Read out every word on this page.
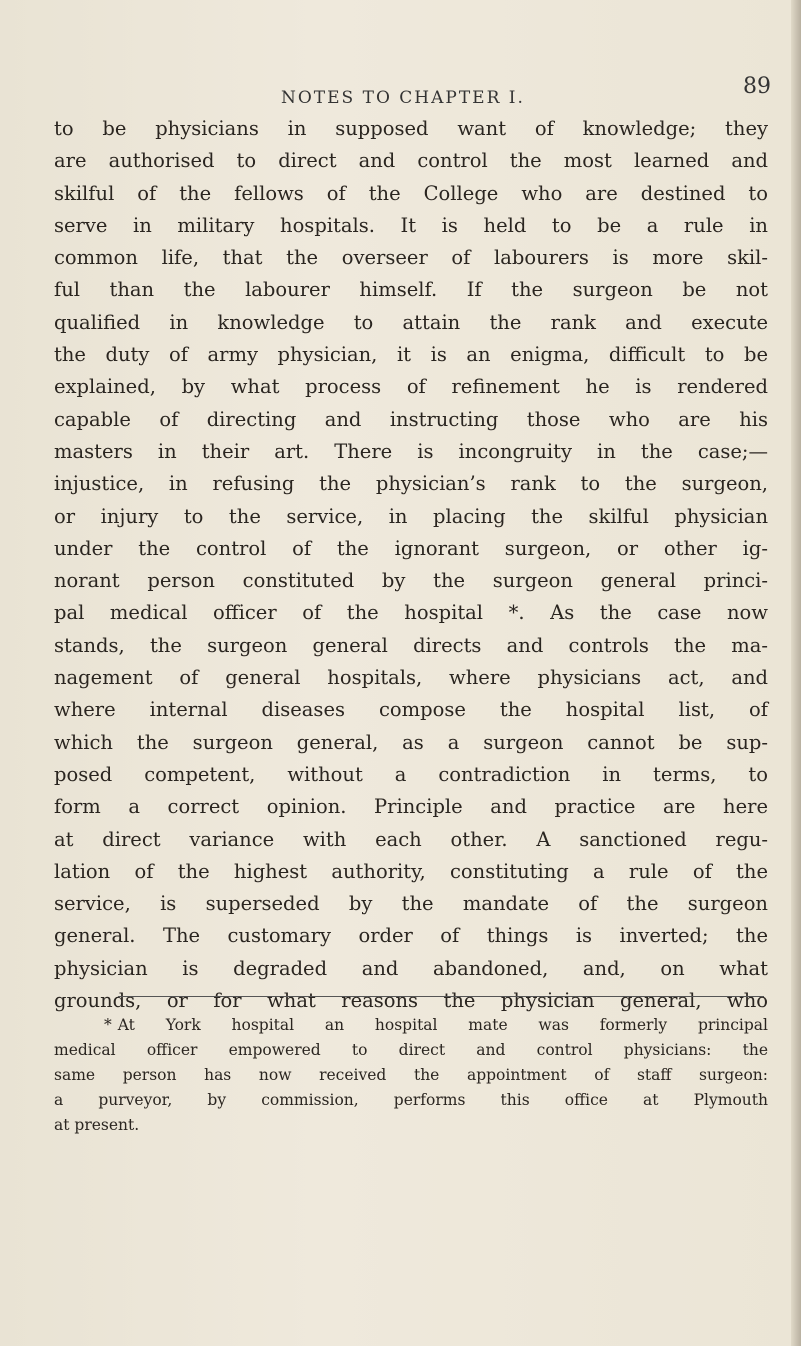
NOTES TO CHAPTER I.	89
to be physicians in supposed want of knowledge; they
are authorised to direct and control the most learned and
skilful of the fellows of the College who are destined to
serve in military hospitals. It is held to be a rule in
common life, that the overseer of labourers is more skil-
ful than the labourer himself. If the surgeon be not
qualified in knowledge to attain the rank and execute
the duty of army physician, it is an enigma, difficult to be
explained, by what process of refinement he is rendered
capable of directing and instructing those who are his
masters in their art. There is incongruity in the case;—
injustice, in refusing the physician’s rank to the surgeon,
or injury to the service, in placing the skilful physician
under the control of the ignorant surgeon, or other ig-
norant person constituted by the surgeon general princi-
pal medical officer of the hospital *. As the case now
stands, the surgeon general directs and controls the ma-
nagement of general hospitals, where physicians act, and
where internal diseases compose the hospital list, of
which the surgeon general, as a surgeon cannot be sup-
posed competent, without a contradiction in terms, to
form a correct opinion. Principle and practice are here
at direct variance with each other. A sanctioned regu-
lation of the highest authority, constituting a rule of the
service, is superseded by the mandate of the surgeon
general. The customary order of things is inverted; the
physician is degraded and abandoned, and, on what
grounds, or for what reasons the physician general, who
* At York hospital an hospital mate was formerly principal
medical officer empowered to direct and control physicians: the
same person has now received the appointment of staff surgeon:
a purveyor, by commission, performs this office at Plymouth
at present.
